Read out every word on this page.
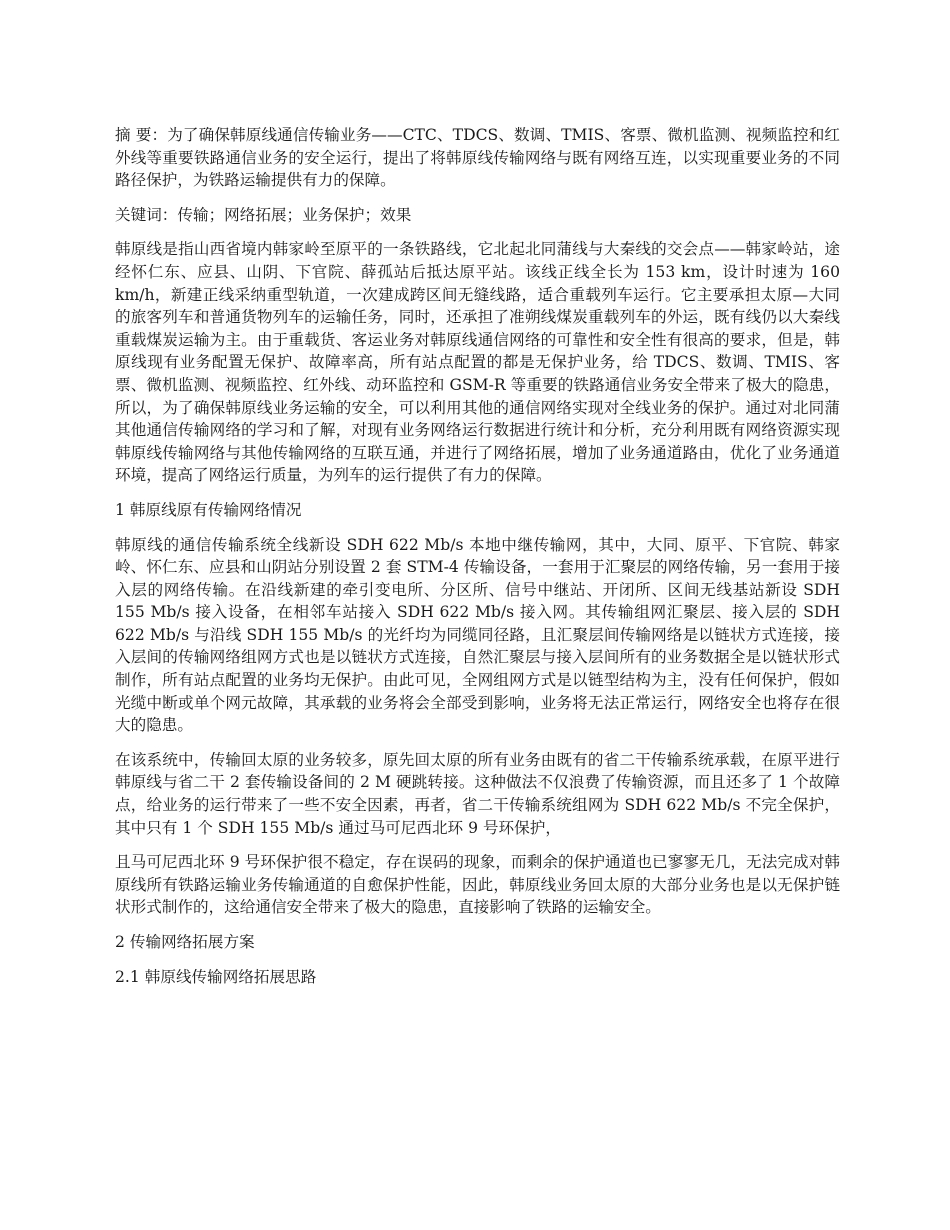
摘 要：为了确保韩原线通信传输业务——CTC、TDCS、数调、TMIS、客票、微机监测、视频监控和红外线等重要铁路通信业务的安全运行，提出了将韩原线传输网络与既有网络互连，以实现重要业务的不同路径保护，为铁路运输提供有力的保障。

关键词：传输；网络拓展；业务保护；效果

韩原线是指山西省境内韩家岭至原平的一条铁路线，它北起北同蒲线与大秦线的交会点——韩家岭站，途经怀仁东、应县、山阴、下官院、薛孤站后抵达原平站。该线正线全长为 153 km，设计时速为 160 km/h，新建正线采纳重型轨道，一次建成跨区间无缝线路，适合重载列车运行。它主要承担太原—大同的旅客列车和普通货物列车的运输任务，同时，还承担了准朔线煤炭重载列车的外运，既有线仍以大秦线重载煤炭运输为主。由于重载货、客运业务对韩原线通信网络的可靠性和安全性有很高的要求，但是，韩原线现有业务配置无保护、故障率高，所有站点配置的都是无保护业务，给 TDCS、数调、TMIS、客票、微机监测、视频监控、红外线、动环监控和 GSM-R 等重要的铁路通信业务安全带来了极大的隐患，所以，为了确保韩原线业务运输的安全，可以利用其他的通信网络实现对全线业务的保护。通过对北同蒲其他通信传输网络的学习和了解，对现有业务网络运行数据进行统计和分析，充分利用既有网络资源实现韩原线传输网络与其他传输网络的互联互通，并进行了网络拓展，增加了业务通道路由，优化了业务通道环境，提高了网络运行质量，为列车的运行提供了有力的保障。

1 韩原线原有传输网络情况

韩原线的通信传输系统全线新设 SDH 622 Mb/s 本地中继传输网，其中，大同、原平、下官院、韩家岭、怀仁东、应县和山阴站分别设置 2 套 STM-4 传输设备，一套用于汇聚层的网络传输，另一套用于接入层的网络传输。在沿线新建的牵引变电所、分区所、信号中继站、开闭所、区间无线基站新设 SDH 155 Mb/s 接入设备，在相邻车站接入 SDH 622 Mb/s 接入网。其传输组网汇聚层、接入层的 SDH 622 Mb/s 与沿线 SDH 155 Mb/s 的光纤均为同缆同径路，且汇聚层间传输网络是以链状方式连接，接入层间的传输网络组网方式也是以链状方式连接，自然汇聚层与接入层间所有的业务数据全是以链状形式制作，所有站点配置的业务均无保护。由此可见，全网组网方式是以链型结构为主，没有任何保护，假如光缆中断或单个网元故障，其承载的业务将会全部受到影响，业务将无法正常运行，网络安全也将存在很大的隐患。

在该系统中，传输回太原的业务较多，原先回太原的所有业务由既有的省二干传输系统承载，在原平进行韩原线与省二干 2 套传输设备间的 2 M 硬跳转接。这种做法不仅浪费了传输资源，而且还多了 1 个故障点，给业务的运行带来了一些不安全因素，再者，省二干传输系统组网为 SDH 622 Mb/s 不完全保护，其中只有 1 个 SDH 155 Mb/s 通过马可尼西北环 9 号环保护，

且马可尼西北环 9 号环保护很不稳定，存在误码的现象，而剩余的保护通道也已寥寥无几，无法完成对韩原线所有铁路运输业务传输通道的自愈保护性能，因此，韩原线业务回太原的大部分业务也是以无保护链状形式制作的，这给通信安全带来了极大的隐患，直接影响了铁路的运输安全。

2 传输网络拓展方案

2.1 韩原线传输网络拓展思路
